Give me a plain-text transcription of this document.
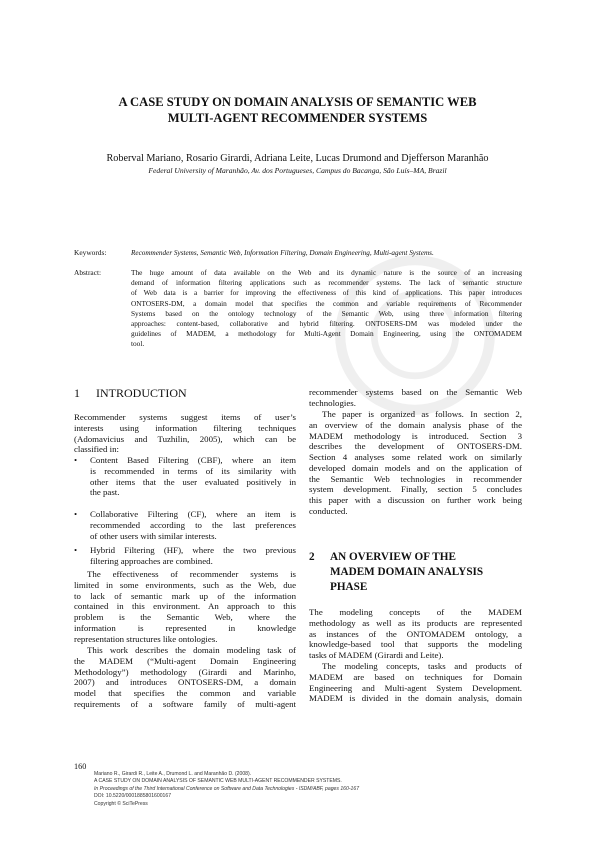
A CASE STUDY ON DOMAIN ANALYSIS OF SEMANTIC WEB
MULTI-AGENT RECOMMENDER SYSTEMS
Roberval Mariano, Rosario Girardi, Adriana Leite, Lucas Drumond and Djefferson Maranhão
Federal University of Maranhão, Av. dos Portugueses, Campus do Bacanga, São Luís–MA, Brazil
Keywords:	Recommender Systems, Semantic Web, Information Filtering, Domain Engineering, Multi-agent Systems.
Abstract:	The huge amount of data available on the Web and its dynamic nature is the source of an increasing
demand of information filtering applications such as recommender systems. The lack of semantic structure
of Web data is a barrier for improving the effectiveness of this kind of applications. This paper introduces
ONTOSERS-DM, a domain model that specifies the common and variable requirements of Recommender
Systems based on the ontology technology of the Semantic Web, using three information filtering
approaches: content-based, collaborative and hybrid filtering. ONTOSERS-DM was modeled under the
guidelines of MADEM, a methodology for Multi-Agent Domain Engineering, using the ONTOMADEM
tool.
1 INTRODUCTION
Recommender systems suggest items of user’s
interests using information filtering techniques
(Adomavicius and Tuzhilin, 2005), which can be
classified in:
• Content Based Filtering (CBF), where an item
is recommended in terms of its similarity with
other items that the user evaluated positively in
the past.
• Collaborative Filtering (CF), where an item is
recommended according to the last preferences
of other users with similar interests.
• Hybrid Filtering (HF), where the two previous
filtering approaches are combined.
The effectiveness of recommender systems is
limited in some environments, such as the Web, due
to lack of semantic mark up of the information
contained in this environment. An approach to this
problem is the Semantic Web, where the
information is represented in knowledge
representation structures like ontologies.
This work describes the domain modeling task of
the MADEM (“Multi-agent Domain Engineering
Methodology”) methodology (Girardi and Marinho,
2007) and introduces ONTOSERS-DM, a domain
model that specifies the common and variable
requirements of a software family of multi-agent
recommender systems based on the Semantic Web
technologies.
The paper is organized as follows. In section 2,
an overview of the domain analysis phase of the
MADEM methodology is introduced. Section 3
describes the development of ONTOSERS-DM.
Section 4 analyses some related work on similarly
developed domain models and on the application of
the Semantic Web technologies in recommender
system development. Finally, section 5 concludes
this paper with a discussion on further work being
conducted.
2 AN OVERVIEW OF THE
MADEM DOMAIN ANALYSIS
PHASE
The modeling concepts of the MADEM
methodology as well as its products are represented
as instances of the ONTOMADEM ontology, a
knowledge-based tool that supports the modeling
tasks of MADEM (Girardi and Leite).
The modeling concepts, tasks and products of
MADEM are based on techniques for Domain
Engineering and Multi-agent System Development.
MADEM is divided in the domain analysis, domain
160
Mariano R., Girardi R., Leite A., Drumond L. and Maranhão D. (2008).
A CASE STUDY ON DOMAIN ANALYSIS OF SEMANTIC WEB MULTI-AGENT RECOMMENDER SYSTEMS.
In Proceedings of the Third International Conference on Software and Data Technologies - ISDM/ABF, pages 160-167
DOI: 10.5220/0001885801600167
Copyright © SciTePress
